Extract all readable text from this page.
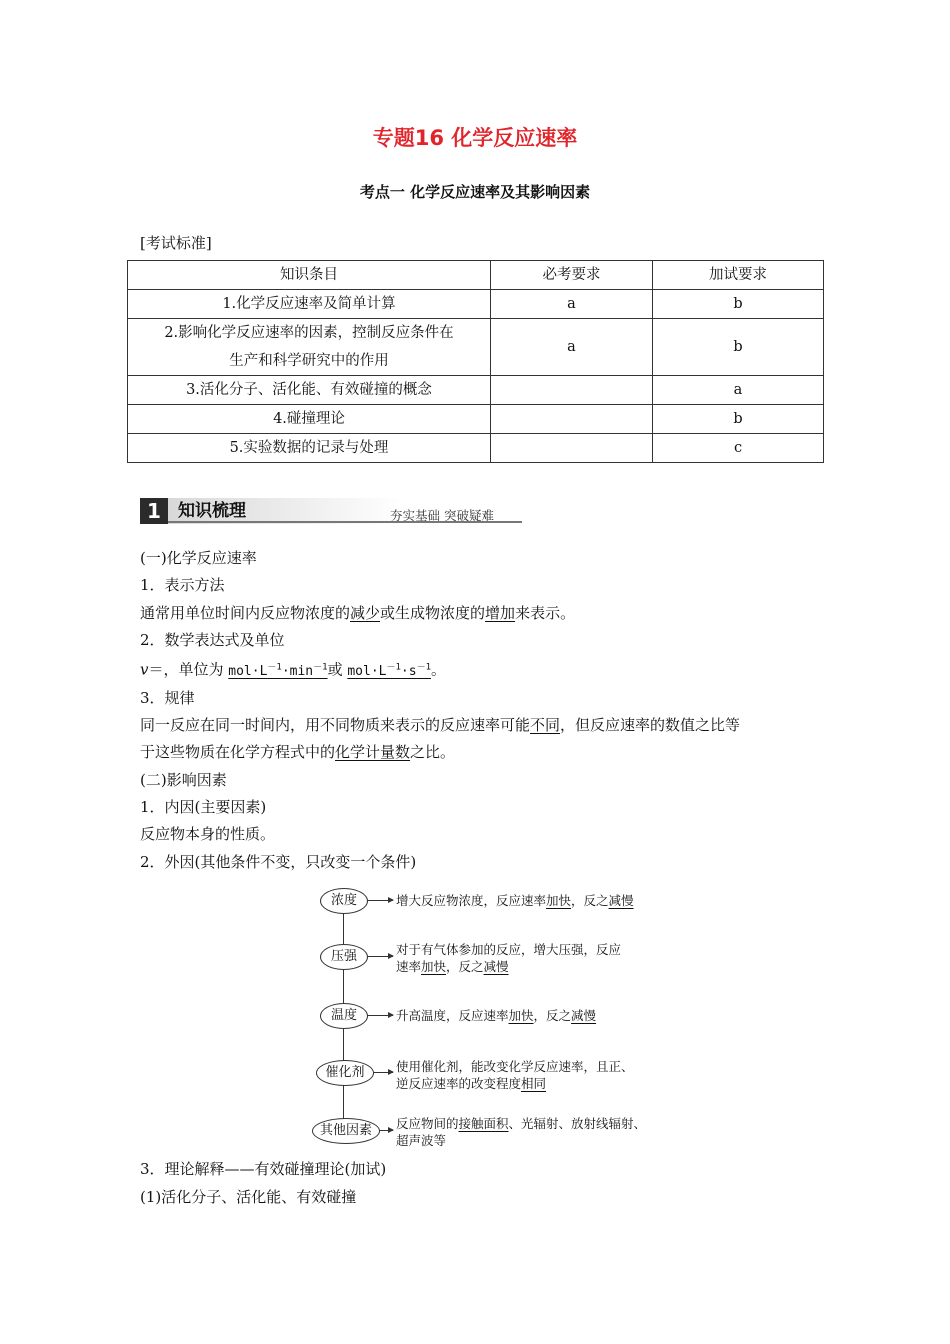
专题16 化学反应速率
考点一 化学反应速率及其影响因素
[考试标准]
知识条目	必考要求	加试要求
1.化学反应速率及简单计算	a	b

2.影响化学反应速率的因素，控制反应条件在
生产和科学研究中的作用	a	b
3.活化分子、活化能、有效碰撞的概念		a
4.碰撞理论		b
5.实验数据的记录与处理		c
1	知识梳理	夯实基础 突破疑难

(一)化学反应速率

1．表示方法

通常用单位时间内反应物浓度的减少或生成物浓度的增加来表示。

2．数学表达式及单位

v＝，单位为 $mol\cdot L^{-1}\cdot\min^{-1}$或 $mol\cdot L^{-1}\cdot s^{-1}$。

3．规律

同一反应在同一时间内，用不同物质来表示的反应速率可能不同，但反应速率的数值之比等

于这些物质在化学方程式中的化学计量数之比。

(二)影响因素

1．内因(主要因素)

反应物本身的性质。

2．外因(其他条件不变，只改变一个条件)

浓度	增大反应物浓度，反应速率加快，反之减慢
压强	对于有气体参加的反应，增大压强，反应
速率加快，反之减慢
温度	升高温度，反应速率加快，反之减慢
催化剂	使用催化剂，能改变化学反应速率，且正、
逆反应速率的改变程度相同
其他因素	反应物间的接触面积、光辐射、放射线辐射、
超声波等

3．理论解释——有效碰撞理论(加试)

(1)活化分子、活化能、有效碰撞
